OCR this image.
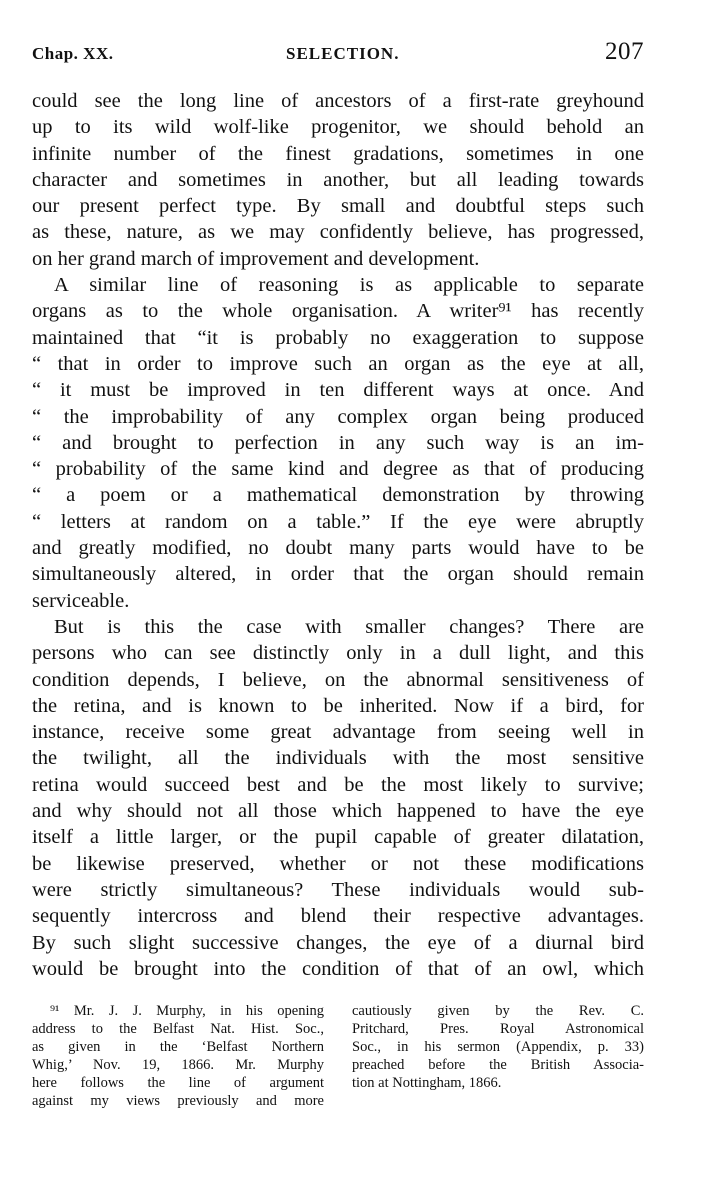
Chap. XX.	SELECTION.	207
could see the long line of ancestors of a first-rate greyhound
up to its wild wolf-like progenitor, we should behold an
infinite number of the finest gradations, sometimes in one
character and sometimes in another, but all leading towards
our present perfect type. By small and doubtful steps such
as these, nature, as we may confidently believe, has progressed,
on her grand march of improvement and development.
A similar line of reasoning is as applicable to separate
organs as to the whole organisation. A writer⁹¹ has recently
maintained that “it is probably no exaggeration to suppose
“ that in order to improve such an organ as the eye at all,
“ it must be improved in ten different ways at once. And
“ the improbability of any complex organ being produced
“ and brought to perfection in any such way is an im-
“ probability of the same kind and degree as that of producing
“ a poem or a mathematical demonstration by throwing
“ letters at random on a table.” If the eye were abruptly
and greatly modified, no doubt many parts would have to be
simultaneously altered, in order that the organ should remain
serviceable.
But is this the case with smaller changes? There are
persons who can see distinctly only in a dull light, and this
condition depends, I believe, on the abnormal sensitiveness of
the retina, and is known to be inherited. Now if a bird, for
instance, receive some great advantage from seeing well in
the twilight, all the individuals with the most sensitive
retina would succeed best and be the most likely to survive;
and why should not all those which happened to have the eye
itself a little larger, or the pupil capable of greater dilatation,
be likewise preserved, whether or not these modifications
were strictly simultaneous? These individuals would sub-
sequently intercross and blend their respective advantages.
By such slight successive changes, the eye of a diurnal bird
would be brought into the condition of that of an owl, which
⁹¹ Mr. J. J. Murphy, in his opening
address to the Belfast Nat. Hist. Soc.,
as given in the ‘Belfast Northern
Whig,’ Nov. 19, 1866. Mr. Murphy
here follows the line of argument
against my views previously and more
cautiously given by the Rev. C.
Pritchard, Pres. Royal Astronomical
Soc., in his sermon (Appendix, p. 33)
preached before the British Associa-
tion at Nottingham, 1866.
